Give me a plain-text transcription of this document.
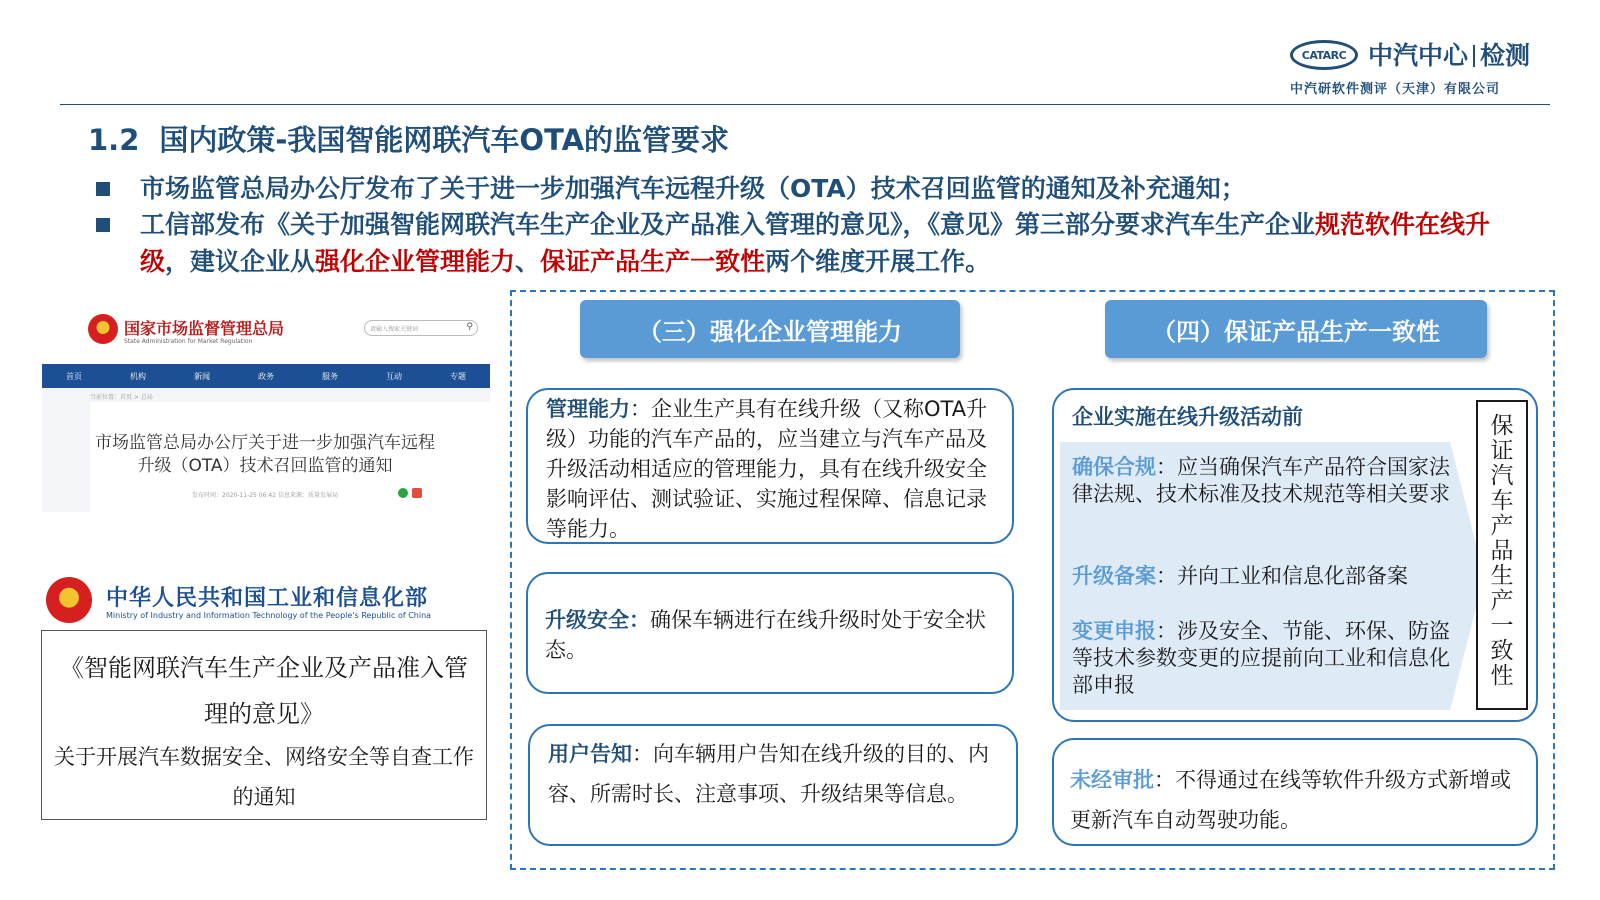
CATARC 中汽中心 检测
中汽研软件测评（天津）有限公司
1.2 国内政策-我国智能网联汽车OTA的监管要求
市场监管总局办公厅发布了关于进一步加强汽车远程升级（OTA）技术召回监管的通知及补充通知；
工信部发布《关于加强智能网联汽车生产企业及产品准入管理的意见》，《意见》第三部分要求汽车生产企业规范软件在线升级，建议企业从强化企业管理能力、保证产品生产一致性两个维度开展工作。
国家市场监督管理总局
State Administration for Market Regulation
请输入搜索关键词	⚲
首页	机构	新闻	政务	服务	互动	专题
当前位置：首页 > 总局
市场监管总局办公厅关于进一步加强汽车远程
升级（OTA）技术召回监管的通知
发布时间：2020-11-25 06:42 信息来源：质量发展局
中华人民共和国工业和信息化部
Ministry of Industry and Information Technology of the People's Republic of China
《智能网联汽车生产企业及产品准入管理的意见》
关于开展汽车数据安全、网络安全等自查工作的通知
（三）强化企业管理能力
管理能力：企业生产具有在线升级（又称OTA升级）功能的汽车产品的，应当建立与汽车产品及升级活动相适应的管理能力，具有在线升级安全影响评估、测试验证、实施过程保障、信息记录等能力。
升级安全：确保车辆进行在线升级时处于安全状态。
用户告知：向车辆用户告知在线升级的目的、内容、所需时长、注意事项、升级结果等信息。
（四）保证产品生产一致性
企业实施在线升级活动前
确保合规：应当确保汽车产品符合国家法律法规、技术标准及技术规范等相关要求
升级备案：并向工业和信息化部备案
变更申报：涉及安全、节能、环保、防盗等技术参数变更的应提前向工业和信息化部申报
保证汽车产品生产一致性
未经审批：不得通过在线等软件升级方式新增或更新汽车自动驾驶功能。
